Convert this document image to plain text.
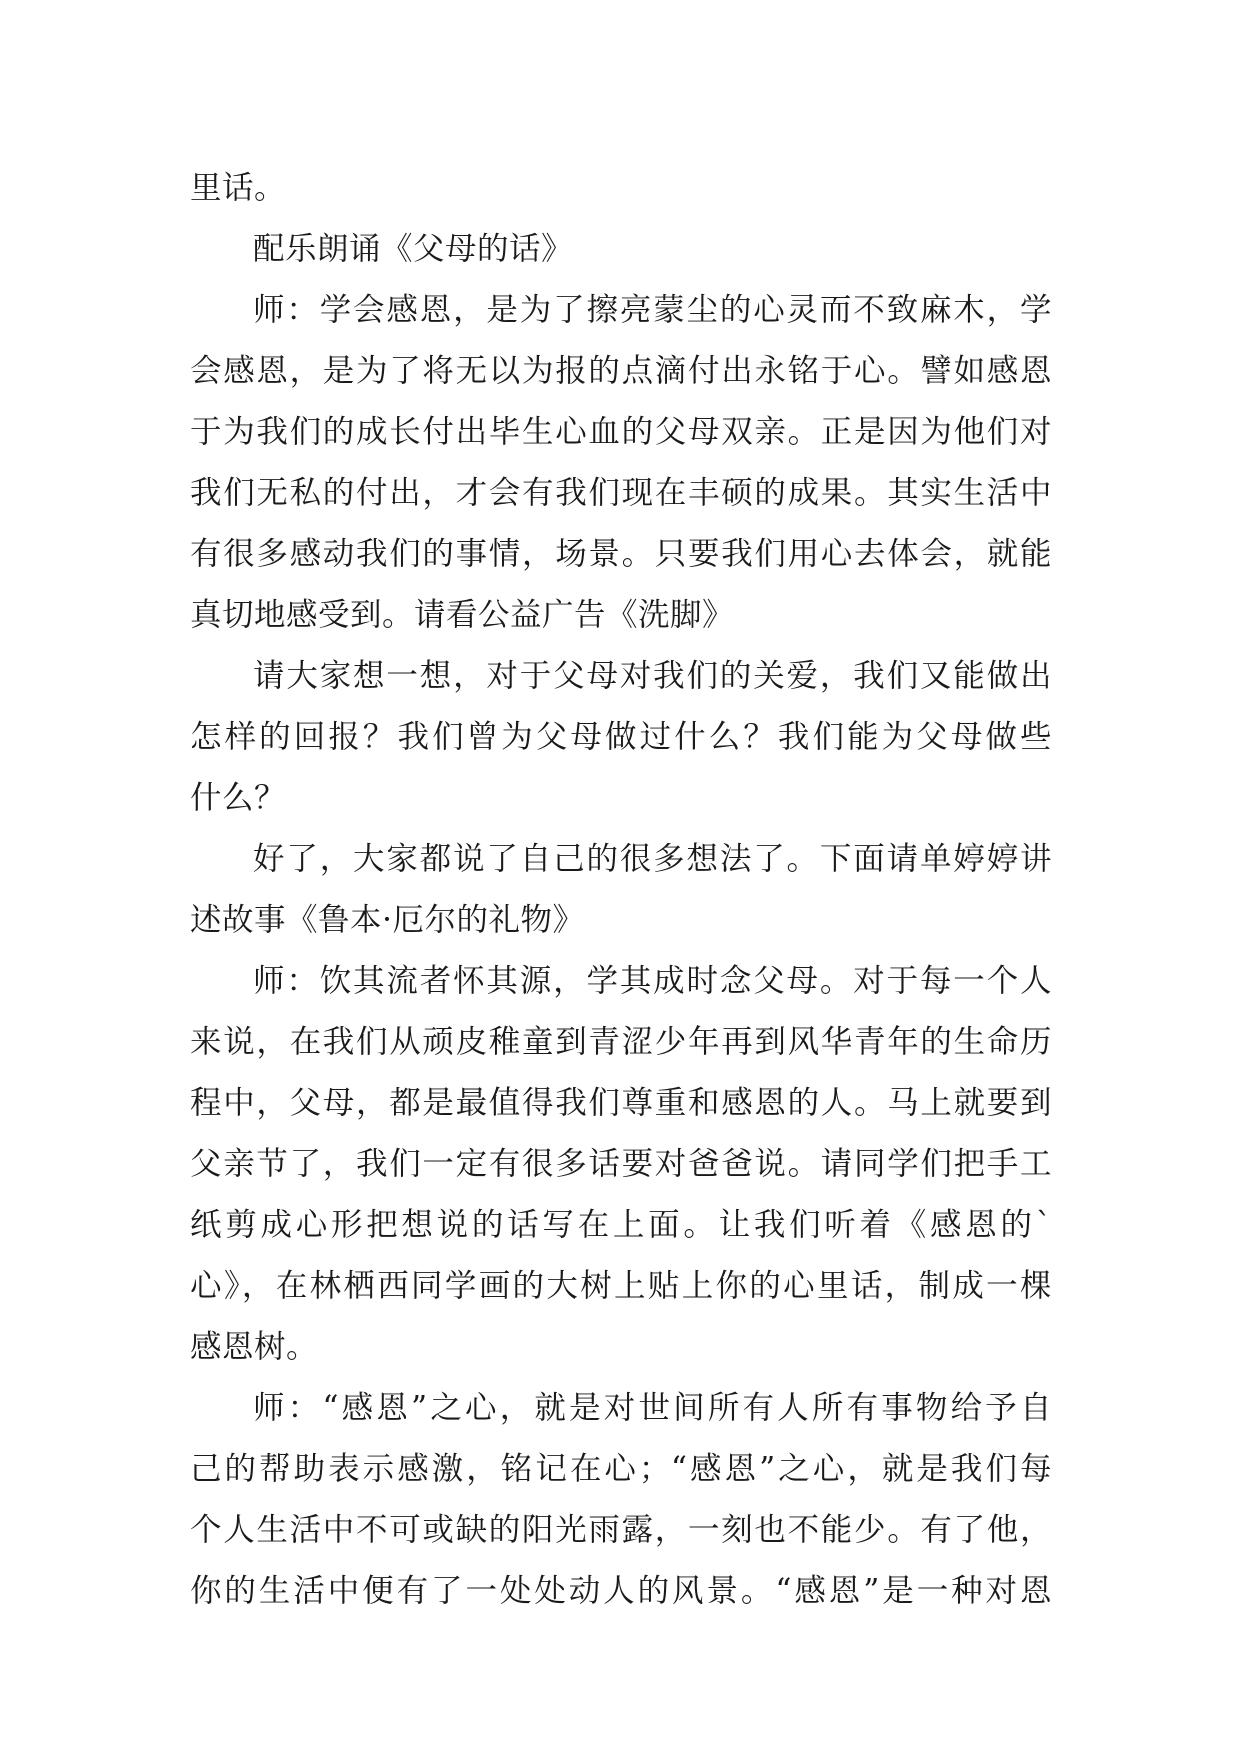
里话。
配乐朗诵《父母的话》
师：学会感恩，是为了擦亮蒙尘的心灵而不致麻木，学
会感恩，是为了将无以为报的点滴付出永铭于心。譬如感恩
于为我们的成长付出毕生心血的父母双亲。正是因为他们对
我们无私的付出，才会有我们现在丰硕的成果。其实生活中
有很多感动我们的事情，场景。只要我们用心去体会，就能
真切地感受到。请看公益广告《洗脚》
请大家想一想，对于父母对我们的关爱，我们又能做出
怎样的回报？我们曾为父母做过什么？我们能为父母做些
什么？
好了，大家都说了自己的很多想法了。下面请单婷婷讲
述故事《鲁本·厄尔的礼物》
师：饮其流者怀其源，学其成时念父母。对于每一个人
来说，在我们从顽皮稚童到青涩少年再到风华青年的生命历
程中，父母，都是最值得我们尊重和感恩的人。马上就要到
父亲节了，我们一定有很多话要对爸爸说。请同学们把手工
纸剪成心形把想说的话写在上面。让我们听着《感恩的`
心》，在林栖西同学画的大树上贴上你的心里话，制成一棵
感恩树。
师：“感恩”之心，就是对世间所有人所有事物给予自
己的帮助表示感激，铭记在心；“感恩”之心，就是我们每
个人生活中不可或缺的阳光雨露，一刻也不能少。有了他，
你的生活中便有了一处处动人的风景。“感恩”是一种对恩
